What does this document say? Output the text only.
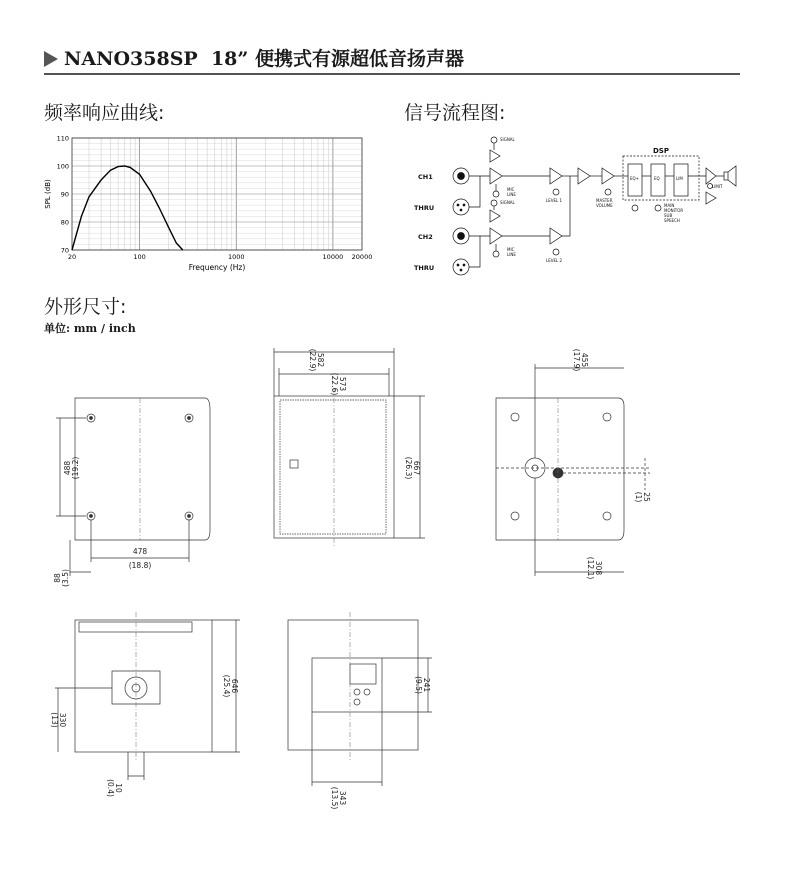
NANO358SP 18” 便携式有源超低音扬声器
频率响应曲线:	信号流程图:
外形尺寸:
单位: mm / inch
70
80
90
100
110
20	100	1000	10000 20000
Frequency (Hz)
SPL (dB)
CH1
THRU
CH2
THRU
SIGNAL
SIGNAL
MIC
LINE
MIC
LINE
LEVEL 1
LEVEL 2
MASTER
VOLUME
EQ+	EQ	LIM
LIMIT
MAIN
MONITOR
SUB
SPEECH
DSP
488 (19.2)
478
(18.8)
88 (3.5)
582
(22.9)
573
(22.6)
667
(26.3)
455
(17.9)
25
(1)
308
(12.1)
646
(25.4)
330
(13)
10
(0.4)
241
(9.5)
343
(13.5)
